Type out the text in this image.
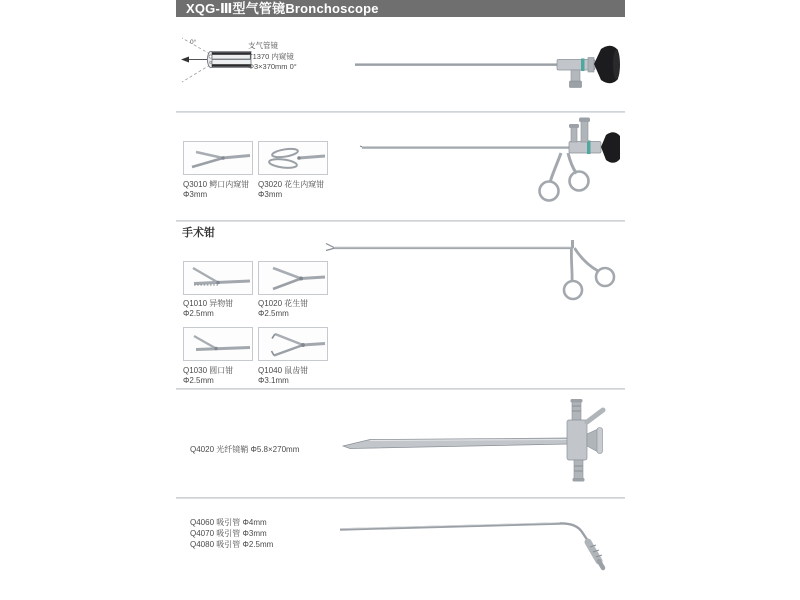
XQG-Ⅲ型气管镜Bronchoscope
0°	支气管镜
T1370 内窥镜
Φ3×370mm 0°
Q3010 鳄口内窥钳
Φ3mm
Q3020 花生内窥钳
Φ3mm
手术钳
Q1010 异物钳
Φ2.5mm
Q1020 花生钳
Φ2.5mm
Q1030 圆口钳
Φ2.5mm
Q1040 鼠齿钳
Φ3.1mm
Q4020 光纤镜鞘 Φ5.8×270mm
Q4060 吸引管 Φ4mm
Q4070 吸引管 Φ3mm
Q4080 吸引管 Φ2.5mm
